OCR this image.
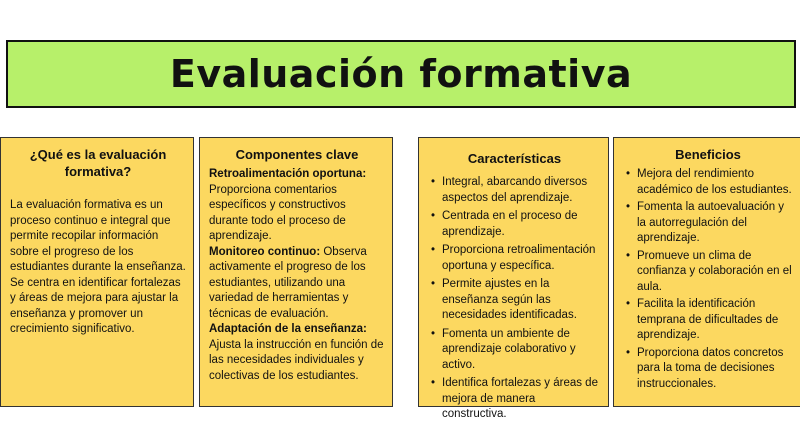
Evaluación formativa
¿Qué es la evaluación formativa?

La evaluación formativa es un proceso continuo e integral que permite recopilar información sobre el progreso de los estudiantes durante la enseñanza. Se centra en identificar fortalezas y áreas de mejora para ajustar la enseñanza y promover un crecimiento significativo.

Componentes clave

Retroalimentación oportuna: Proporciona comentarios específicos y constructivos durante todo el proceso de aprendizaje.

Monitoreo continuo: Observa activamente el progreso de los estudiantes, utilizando una variedad de herramientas y técnicas de evaluación.

Adaptación de la enseñanza:
Ajusta la instrucción en función de las necesidades individuales y colectivas de los estudiantes.

Características
• Integral, abarcando diversos aspectos del aprendizaje.
• Centrada en el proceso de aprendizaje.
• Proporciona retroalimentación oportuna y específica.
• Permite ajustes en la enseñanza según las necesidades identificadas.
• Fomenta un ambiente de aprendizaje colaborativo y activo.
• Identifica fortalezas y áreas de mejora de manera constructiva.
Beneficios
• Mejora del rendimiento académico de los estudiantes.
• Fomenta la autoevaluación y la autorregulación del aprendizaje.
• Promueve un clima de confianza y colaboración en el aula.
• Facilita la identificación temprana de dificultades de aprendizaje.
• Proporciona datos concretos para la toma de decisiones instruccionales.
